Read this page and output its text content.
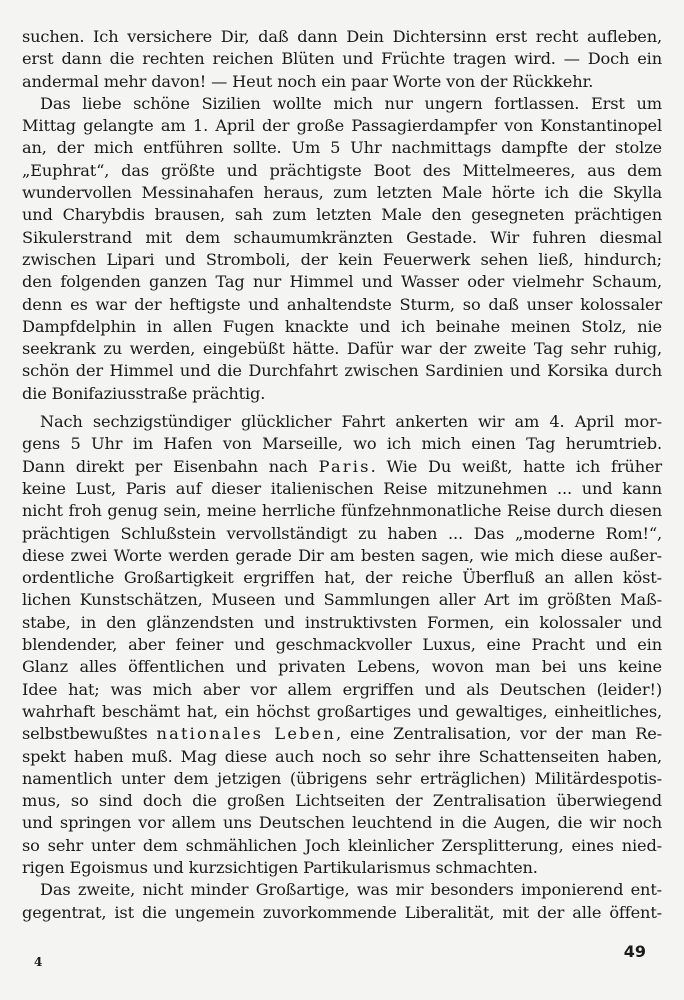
suchen. Ich versichere Dir, daß dann Dein Dichtersinn erst recht aufleben,
erst dann die rechten reichen Blüten und Früchte tragen wird. — Doch ein
andermal mehr davon! — Heut noch ein paar Worte von der Rückkehr.
Das liebe schöne Sizilien wollte mich nur ungern fortlassen. Erst um
Mittag gelangte am 1. April der große Passagierdampfer von Konstantinopel
an, der mich entführen sollte. Um 5 Uhr nachmittags dampfte der stolze
„Euphrat“, das größte und prächtigste Boot des Mittelmeeres, aus dem
wundervollen Messinahafen heraus, zum letzten Male hörte ich die Skylla
und Charybdis brausen, sah zum letzten Male den gesegneten prächtigen
Sikulerstrand mit dem schaumumkränzten Gestade. Wir fuhren diesmal
zwischen Lipari und Stromboli, der kein Feuerwerk sehen ließ, hindurch;
den folgenden ganzen Tag nur Himmel und Wasser oder vielmehr Schaum,
denn es war der heftigste und anhaltendste Sturm, so daß unser kolossaler
Dampfdelphin in allen Fugen knackte und ich beinahe meinen Stolz, nie
seekrank zu werden, eingebüßt hätte. Dafür war der zweite Tag sehr ruhig,
schön der Himmel und die Durchfahrt zwischen Sardinien und Korsika durch
die Bonifaziusstraße prächtig.
Nach sechzigstündiger glücklicher Fahrt ankerten wir am 4. April mor-
gens 5 Uhr im Hafen von Marseille, wo ich mich einen Tag herumtrieb.
Dann direkt per Eisenbahn nach Paris. Wie Du weißt, hatte ich früher
keine Lust, Paris auf dieser italienischen Reise mitzunehmen ... und kann
nicht froh genug sein, meine herrliche fünfzehnmonatliche Reise durch diesen
prächtigen Schlußstein vervollständigt zu haben ... Das „moderne Rom!“,
diese zwei Worte werden gerade Dir am besten sagen, wie mich diese außer-
ordentliche Großartigkeit ergriffen hat, der reiche Überfluß an allen köst-
lichen Kunstschätzen, Museen und Sammlungen aller Art im größten Maß-
stabe, in den glänzendsten und instruktivsten Formen, ein kolossaler und
blendender, aber feiner und geschmackvoller Luxus, eine Pracht und ein
Glanz alles öffentlichen und privaten Lebens, wovon man bei uns keine
Idee hat; was mich aber vor allem ergriffen und als Deutschen (leider!)
wahrhaft beschämt hat, ein höchst großartiges und gewaltiges, einheitliches,
selbstbewußtes nationales Leben, eine Zentralisation, vor der man Re-
spekt haben muß. Mag diese auch noch so sehr ihre Schattenseiten haben,
namentlich unter dem jetzigen (übrigens sehr erträglichen) Militärdespotis-
mus, so sind doch die großen Lichtseiten der Zentralisation überwiegend
und springen vor allem uns Deutschen leuchtend in die Augen, die wir noch
so sehr unter dem schmählichen Joch kleinlicher Zersplitterung, eines nied-
rigen Egoismus und kurzsichtigen Partikularismus schmachten.
Das zweite, nicht minder Großartige, was mir besonders imponierend ent-
gegentrat, ist die ungemein zuvorkommende Liberalität, mit der alle öffent-
4
49
